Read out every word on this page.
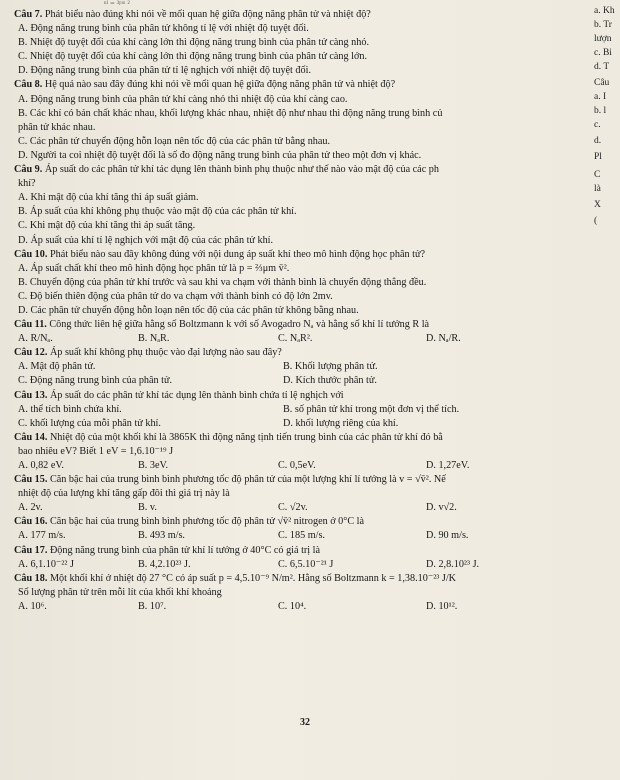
ⁿᴵ = ³ᵖᵐ ²
Câu 7. Phát biểu nào đúng khi nói về mối quan hệ giữa động năng phân tử và nhiệt độ?
A. Động năng trung bình của phân tử không tỉ lệ với nhiệt độ tuyệt đối.
B. Nhiệt độ tuyệt đối của khí càng lớn thì động năng trung bình của phân tử càng nhỏ.
C. Nhiệt độ tuyệt đối của khí càng lớn thì động năng trung bình của phân tử càng lớn.
D. Động năng trung bình của phân tử tỉ lệ nghịch với nhiệt độ tuyệt đối.
Câu 8. Hệ quả nào sau đây đúng khi nói về mối quan hệ giữa động năng phân tử và nhiệt độ?
A. Động năng trung bình của phân tử khí càng nhỏ thì nhiệt độ của khí càng cao.
B. Các khí có bản chất khác nhau, khối lượng khác nhau, nhiệt độ như nhau thì động năng trung bình củ
phân tử khác nhau.
C. Các phân tử chuyển động hỗn loạn nên tốc độ của các phân tử bằng nhau.
D. Người ta coi nhiệt độ tuyệt đối là số đo động năng trung bình của phân tử theo một đơn vị khác.
Câu 9. Áp suất do các phân tử khí tác dụng lên thành bình phụ thuộc như thế nào vào mật độ của các ph
khí?
A. Khi mật độ của khí tăng thì áp suất giảm.
B. Áp suất của khí không phụ thuộc vào mật độ của các phân tử khí.
C. Khi mật độ của khí tăng thì áp suất tăng.
D. Áp suất của khí tỉ lệ nghịch với mật độ của các phân tử khí.
Câu 10. Phát biểu nào sau đây không đúng với nội dung áp suất khí theo mô hình động học phân tử?
A. Áp suất chất khí theo mô hình động học phân tử là p = ⅔μm v̄².
B. Chuyển động của phân tử khí trước và sau khi va chạm với thành bình là chuyển động thẳng đều.
C. Độ biến thiên động của phân tử do va chạm với thành bình có độ lớn 2mv.
D. Các phân tử chuyển động hỗn loạn nên tốc độ của các phân tử không bằng nhau.
Câu 11. Công thức liên hệ giữa hằng số Boltzmann k với số Avogadro Nₐ và hằng số khí lí tưởng R là
A. R/Nₐ.	B. NₐR.	C. NₐR².	D. Nₐ/R.
Câu 12. Áp suất khí không phụ thuộc vào đại lượng nào sau đây?
A. Mật độ phân tử.	B. Khối lượng phân tử.
C. Động năng trung bình của phân tử.	D. Kích thước phân tử.
Câu 13. Áp suất do các phân tử khí tác dụng lên thành bình chứa tỉ lệ nghịch với
A. thể tích bình chứa khí.	B. số phân tử khí trong một đơn vị thể tích.
C. khối lượng của mỗi phân tử khí.	D. khối lượng riêng của khí.
Câu 14. Nhiệt độ của một khối khí là 3865K thì động năng tịnh tiến trung bình của các phân tử khí đó bằ
bao nhiêu eV? Biết 1 eV = 1,6.10⁻¹⁹ J
A. 0,82 eV.	B. 3eV.	C. 0,5eV.	D. 1,27eV.
Câu 15. Căn bậc hai của trung bình bình phương tốc độ phân tử của một lượng khí lí tưởng là v = √v̄². Nế
nhiệt độ của lượng khí tăng gấp đôi thì giá trị này là
A. 2v.	B. v.	C. √2v.	D. v√2.
Câu 16. Căn bậc hai của trung bình bình phương tốc độ phân tử √v̄² nitrogen ở 0°C là
A. 177 m/s.	B. 493 m/s.	C. 185 m/s.	D. 90 m/s.
Câu 17. Động năng trung bình của phân tử khí lí tưởng ở 40°C có giá trị là
A. 6,1.10⁻²² J	B. 4,2.10²³ J.	C. 6,5.10⁻²¹ J	D. 2,8.10²³ J.
Câu 18. Một khối khí ở nhiệt độ 27 °C có áp suất p = 4,5.10⁻⁹ N/m². Hằng số Boltzmann k = 1,38.10⁻²³ J/K
Số lượng phân tử trên mỗi lít của khối khí khoảng
A. 10⁶.	B. 10⁷.	C. 10⁴.	D. 10¹².
a. Kh
b. Tr
lượn
c. Bi
d. T
Câu
a. I
b. l
c.
d.
Pl
C
là
X
(
32
